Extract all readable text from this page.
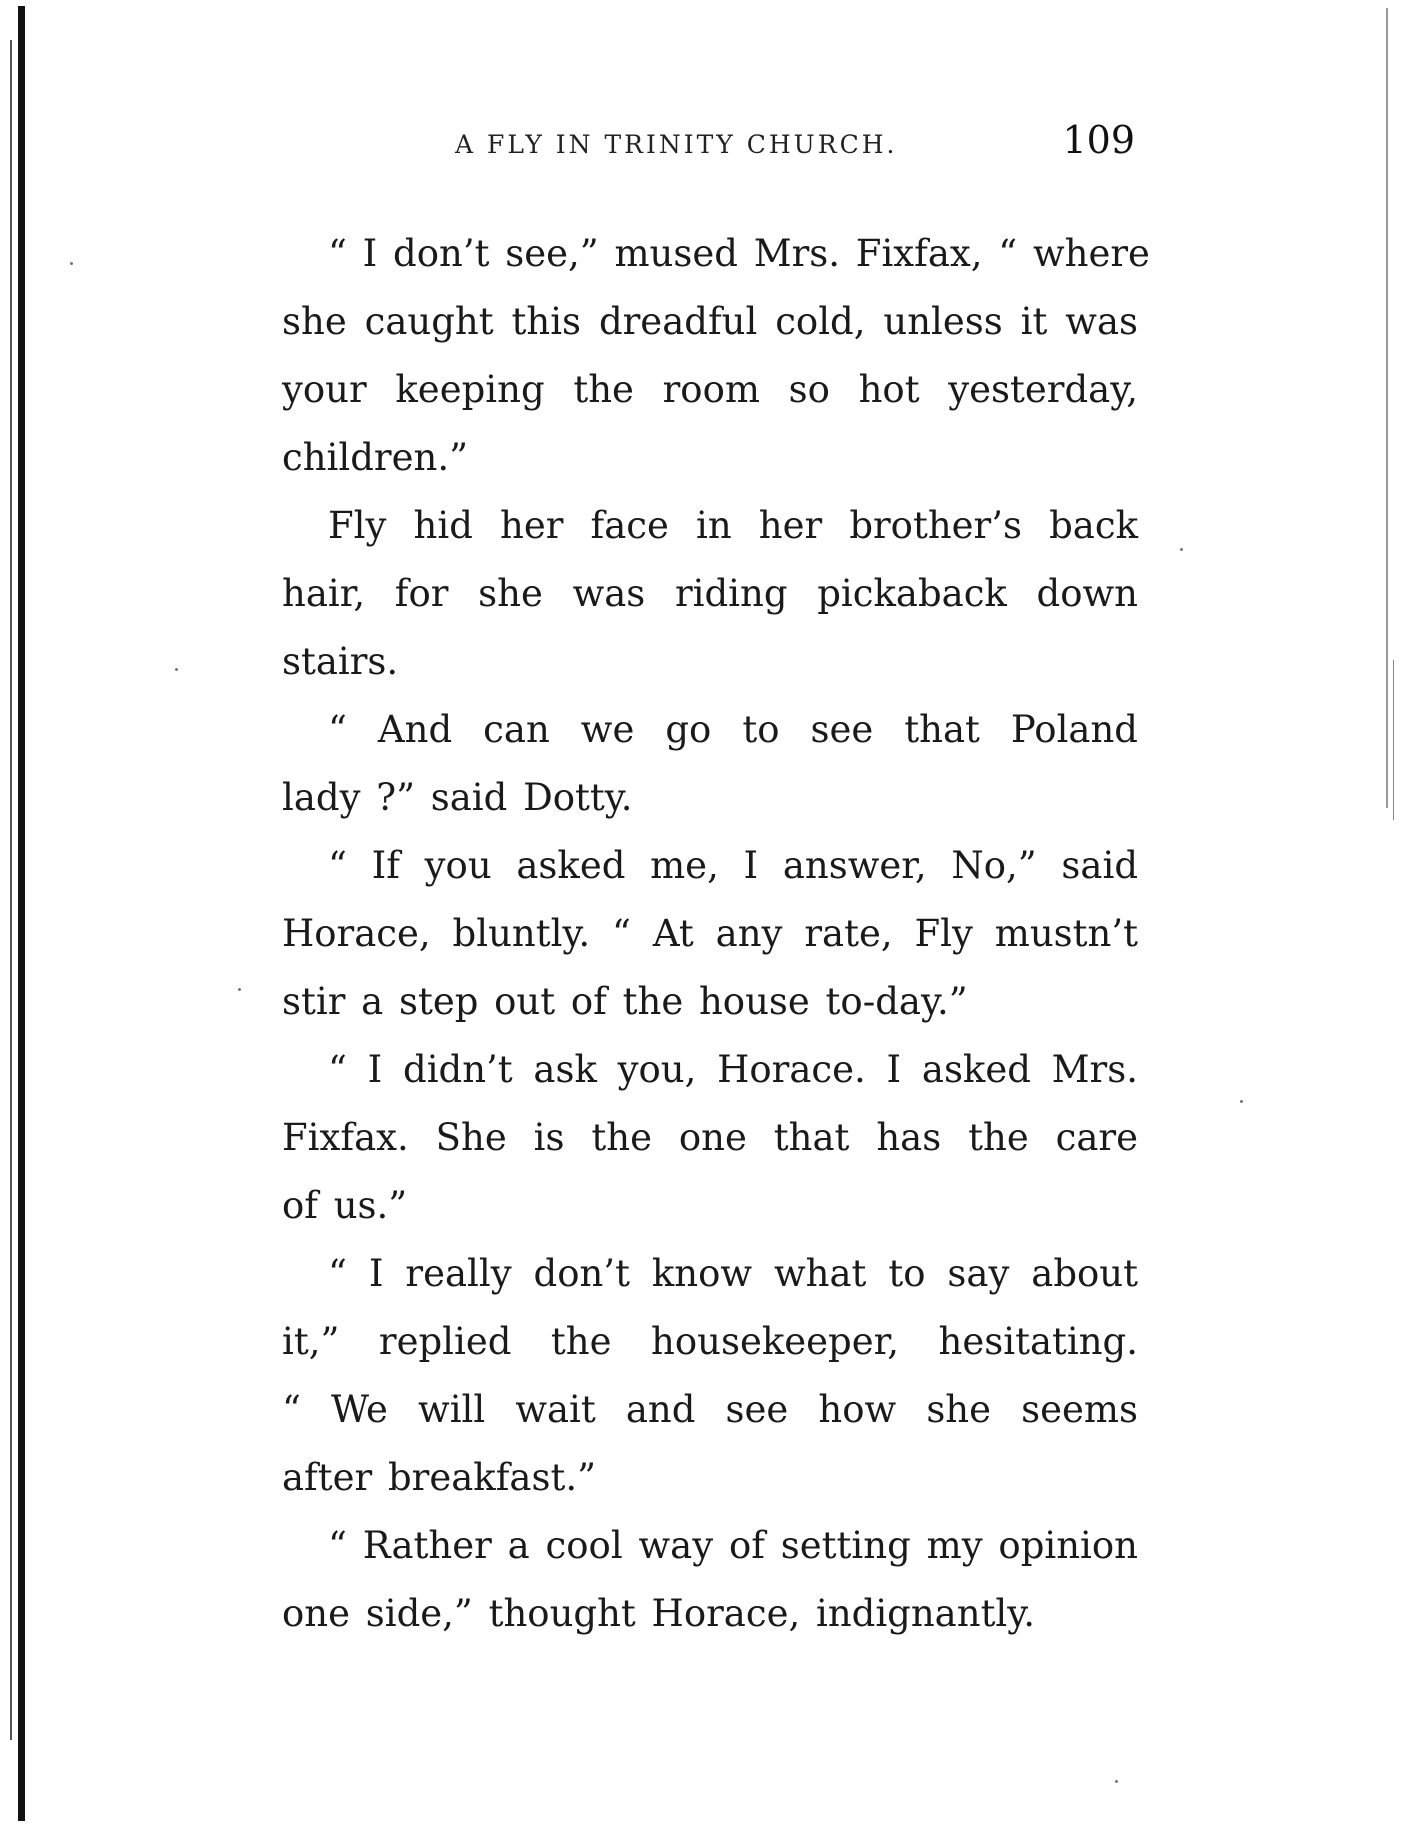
A FLY IN TRINITY CHURCH.	109
“ I don’t see,” mused Mrs. Fixfax, “ where
she caught this dreadful cold, unless it was
your keeping the room so hot yesterday,
children.”
Fly hid her face in her brother’s back
hair, for she was riding pickaback down
stairs.
“ And can we go to see that Poland
lady ?” said Dotty.
“ If you asked me, I answer, No,” said
Horace, bluntly. “ At any rate, Fly mustn’t
stir a step out of the house to-day.”
“ I didn’t ask you, Horace. I asked Mrs.
Fixfax. She is the one that has the care
of us.”
“ I really don’t know what to say about
it,” replied the housekeeper, hesitating.
“ We will wait and see how she seems
after breakfast.”
“ Rather a cool way of setting my opinion
one side,” thought Horace, indignantly.
